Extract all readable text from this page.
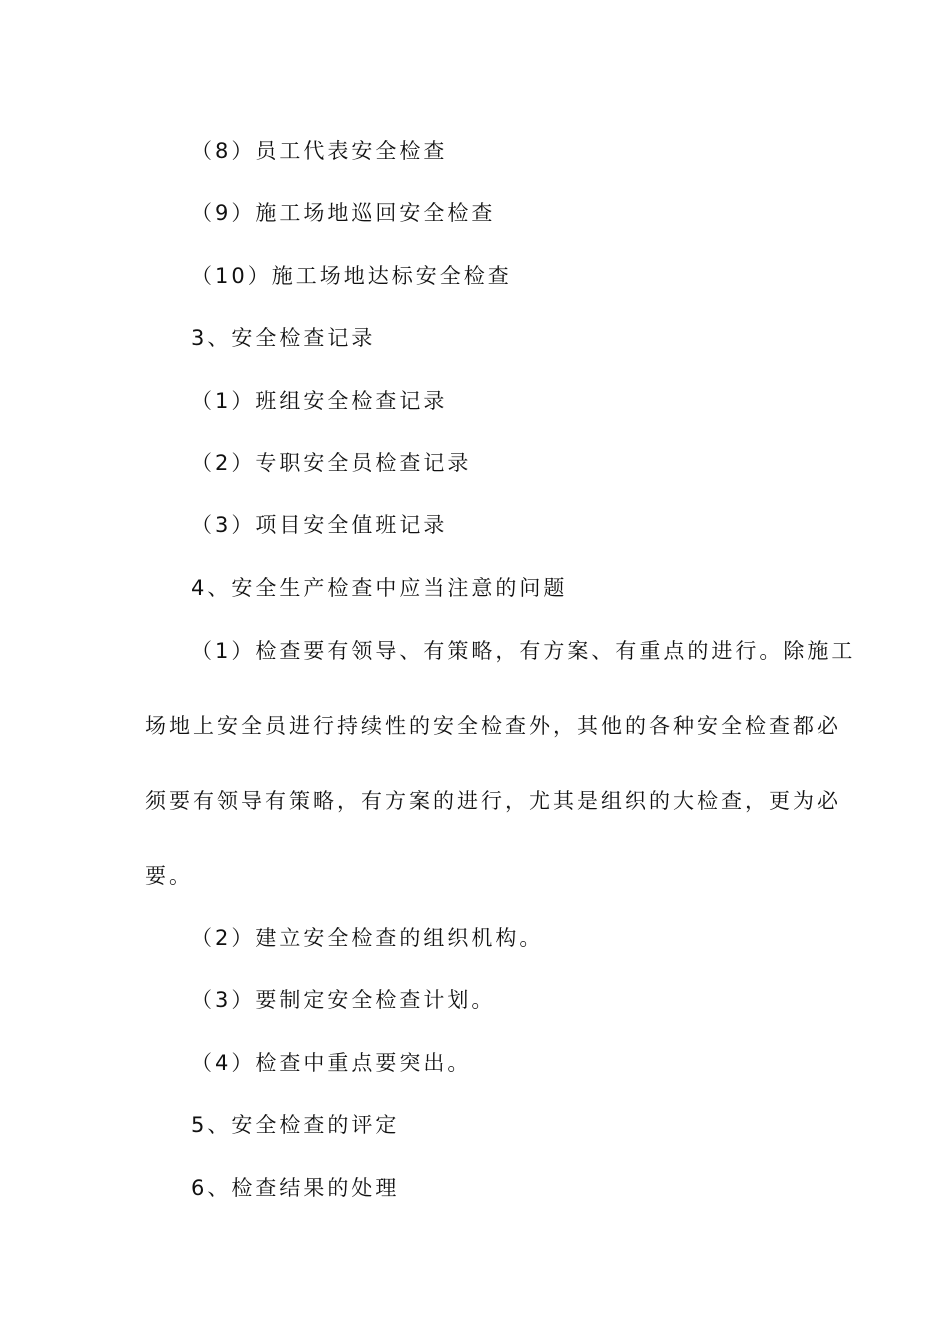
（8）员工代表安全检查
（9）施工场地巡回安全检查
（10）施工场地达标安全检查
3、安全检查记录
（1）班组安全检查记录
（2）专职安全员检查记录
（3）项目安全值班记录
4、安全生产检查中应当注意的问题
（1）检查要有领导、有策略，有方案、有重点的进行。除施工
场地上安全员进行持续性的安全检查外，其他的各种安全检查都必
须要有领导有策略，有方案的进行，尤其是组织的大检查，更为必
要。
（2）建立安全检查的组织机构。
（3）要制定安全检查计划。
（4）检查中重点要突出。
5、安全检查的评定
6、检查结果的处理
